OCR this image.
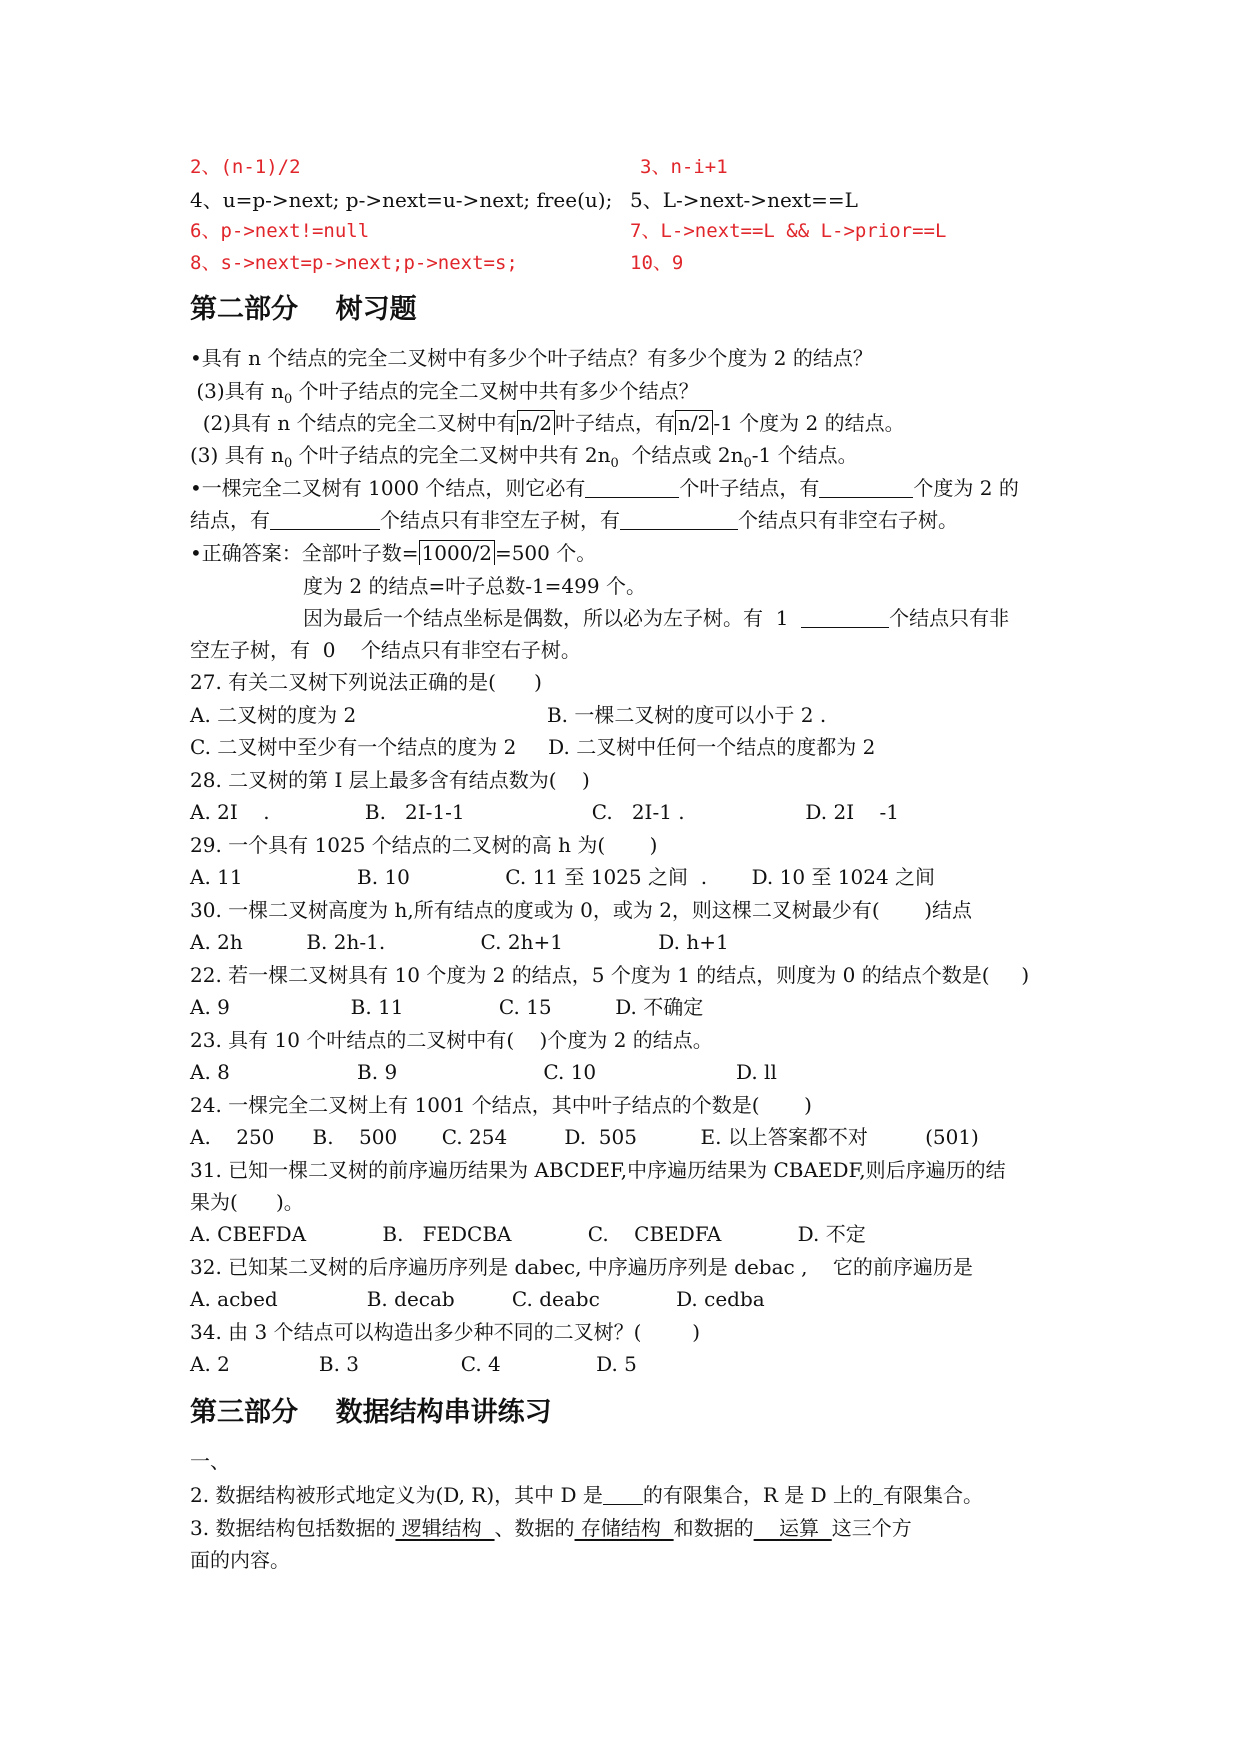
2、(n-1)/2	3、n-i+1
4、u=p->next; p->next=u->next; free(u); 5、L->next->next==L
6、p->next!=null	7、L->next==L && L->prior==L
8、s->next=p->next;p->next=s;	10、9
第二部分    树习题
•具有 n 个结点的完全二叉树中有多少个叶子结点？有多少个度为 2 的结点？
(3)具有 $n_0$ 个叶子结点的完全二叉树中共有多少个结点？
(2)具有 n 个结点的完全二叉树中有 n/2 叶子结点，有 n/2 -1 个度为 2 的结点。
(3) 具有 $n_0$ 个叶子结点的完全二叉树中共有 $2n_0$  个结点或 $2n_0-1$ 个结点。
•一棵完全二叉树有 1000 个结点，则它必有	个叶子结点，有	个度为 2 的
结点，有	个结点只有非空左子树，有	个结点只有非空右子树。
•正确答案：全部叶子数= 1000/2 =500 个。
度为 2 的结点=叶子总数-1=499 个。
因为最后一个结点坐标是偶数，所以必为左子树。有  1	个结点只有非
空左子树，有  0    个结点只有非空右子树。
27. 有关二叉树下列说法正确的是(      )
A. 二叉树的度为 2                              B. 一棵二叉树的度可以小于 2 .
C. 二叉树中至少有一个结点的度为 2     D. 二叉树中任何一个结点的度都为 2
28. 二叉树的第 I 层上最多含有结点数为(    )
A. 2I    .               B.   2I-1-1                    C.   2I-1 .                   D. 2I    -1
29. 一个具有 1025 个结点的二叉树的高 h 为(       )
A. 11                  B. 10               C. 11 至 1025 之间  .       D. 10 至 1024 之间
30. 一棵二叉树高度为 h,所有结点的度或为 0，或为 2，则这棵二叉树最少有(       )结点
A. 2h          B. 2h-1.               C. 2h+1               D. h+1
22. 若一棵二叉树具有 10 个度为 2 的结点，5 个度为 1 的结点，则度为 0 的结点个数是(     )
A. 9                   B. 11               C. 15          D. 不确定
23. 具有 10 个叶结点的二叉树中有(    )个度为 2 的结点。
A. 8                    B. 9                       C. 10                      D. ll
24. 一棵完全二叉树上有 1001 个结点，其中叶子结点的个数是(       )
A.    250      B.    500       C. 254         D.  505          E. 以上答案都不对         (501)
31. 已知一棵二叉树的前序遍历结果为 ABCDEF,中序遍历结果为 CBAEDF,则后序遍历的结
果为(      )。
A. CBEFDA            B.   FEDCBA            C.    CBEDFA            D. 不定
32. 已知某二叉树的后序遍历序列是 dabec, 中序遍历序列是 debac ,    它的前序遍历是
A. acbed              B. decab         C. deabc            D. cedba
34. 由 3 个结点可以构造出多少种不同的二叉树？(        )
A. 2              B. 3                C. 4               D. 5
第三部分    数据结构串讲练习
一、
2. 数据结构被形式地定义为(D, R)，其中 D 是 的有限集合，R 是 D 上的 有限集合。
3. 数据结构包括数据的 逻辑结构  、数据的 存储结构  和数据的    运算  这三个方
面的内容。
